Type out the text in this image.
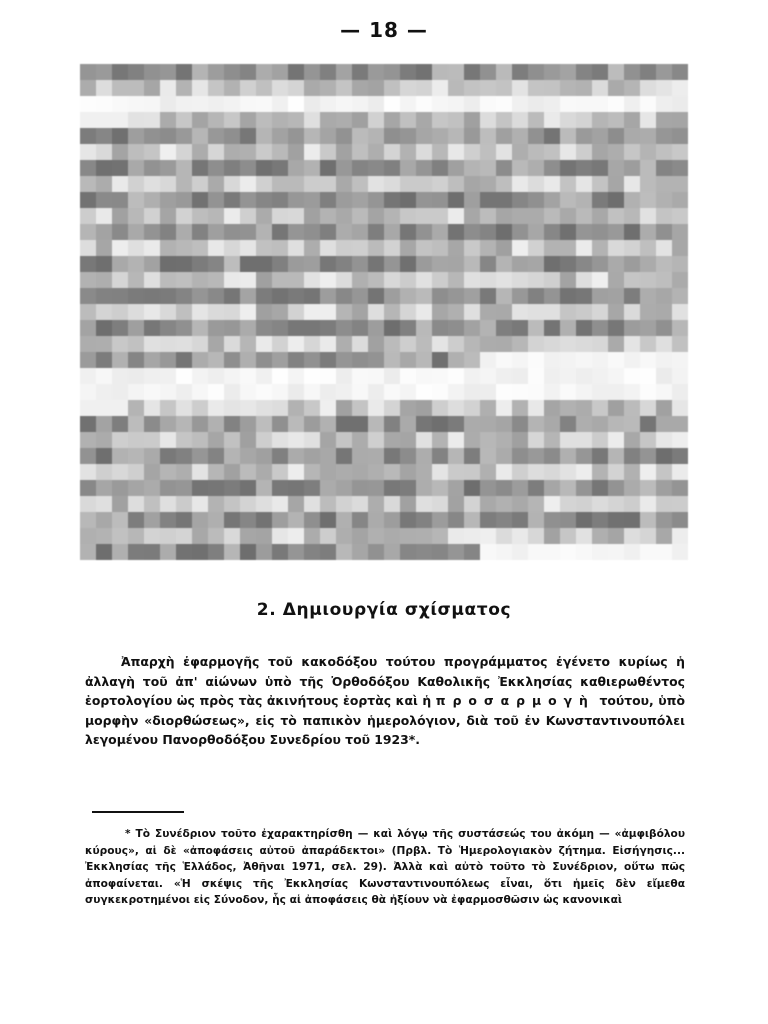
— 18 —
2. Δημιουργία σχίσματος

Ἀπαρχὴ ἐφαρμογῆς τοῦ κακοδόξου τούτου προγράμματος ἐγένετο κυρίως ἡ ἀλλαγὴ τοῦ ἀπ' αἰώνων ὑπὸ τῆς Ὀρθοδόξου Καθολικῆς Ἐκκλησίας καθιερωθέντος ἑορτολογίου ὡς πρὸς τὰς ἀκινήτους ἑορτὰς καὶ ἡ προσαρμογὴ τούτου, ὑπὸ μορφὴν «διορθώσεως», εἰς τὸ παπικὸν ἡμερολόγιον, διὰ τοῦ ἐν Κωνσταντινουπόλει λεγομένου Πανορθοδόξου Συνεδρίου τοῦ 1923*.

* Τὸ Συνέδριον τοῦτο ἐχαρακτηρίσθη — καὶ λόγῳ τῆς συστάσεώς του ἀκόμη — «ἀμφιβόλου κύρους», αἱ δὲ «ἀποφάσεις αὐτοῦ ἀπαράδεκτοι» (Πρβλ. Τὸ Ἡμερολογιακὸν ζήτημα. Εἰσήγησις... Ἐκκλησίας τῆς Ἑλλάδος, Ἀθῆναι 1971, σελ. 29). Ἀλλὰ καὶ αὐτὸ τοῦτο τὸ Συνέδριον, οὕτω πῶς ἀποφαίνεται. «Ἡ σκέψις τῆς Ἐκκλησίας Κωνσταντινουπόλεως εἶναι, ὅτι ἡμεῖς δὲν εἴμεθα συγκεκροτημένοι εἰς Σύνοδον, ἧς αἱ ἀποφάσεις θὰ ἠξίουν νὰ ἐφαρμοσθῶσιν ὡς κανονικαὶ
